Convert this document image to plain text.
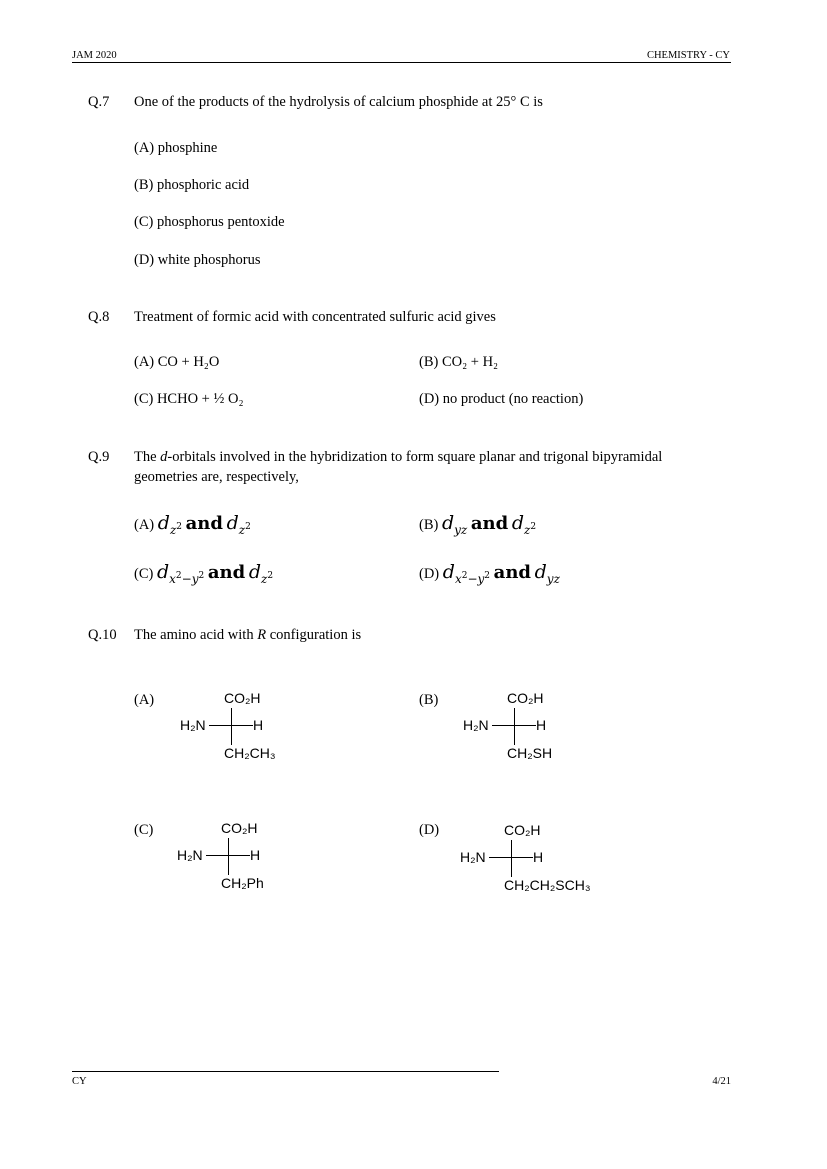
JAM 2020	CHEMISTRY - CY
Q.7 One of the products of the hydrolysis of calcium phosphide at 25° C is
(A) phosphine
(B) phosphoric acid
(C) phosphorus pentoxide
(D) white phosphorus
Q.8 Treatment of formic acid with concentrated sulfuric acid gives
(A) CO + H₂O	(B) CO₂ + H₂
(C) HCHO + ½ O₂	(D) no product (no reaction)
Q.9 The d-orbitals involved in the hybridization to form square planar and trigonal bipyramidal geometries are, respectively,
(A) $d_{z^2}$ and $d_{z^2}$	(B) $d_{yz}$ and $d_{z^2}$
(C) $d_{x^2-y^2}$ and $d_{z^2}$	(D) $d_{x^2-y^2}$ and $d_{yz}$
Q.10 The amino acid with R configuration is
(A)	CO₂H
H₂N	H
CH₂CH₃
(B)	CO₂H
H₂N	H
CH₂SH
(C)	CO₂H
H₂N	H
CH₂Ph
(D)	CO₂H
H₂N	H
CH₂CH₂SCH₃
CY	4/21
